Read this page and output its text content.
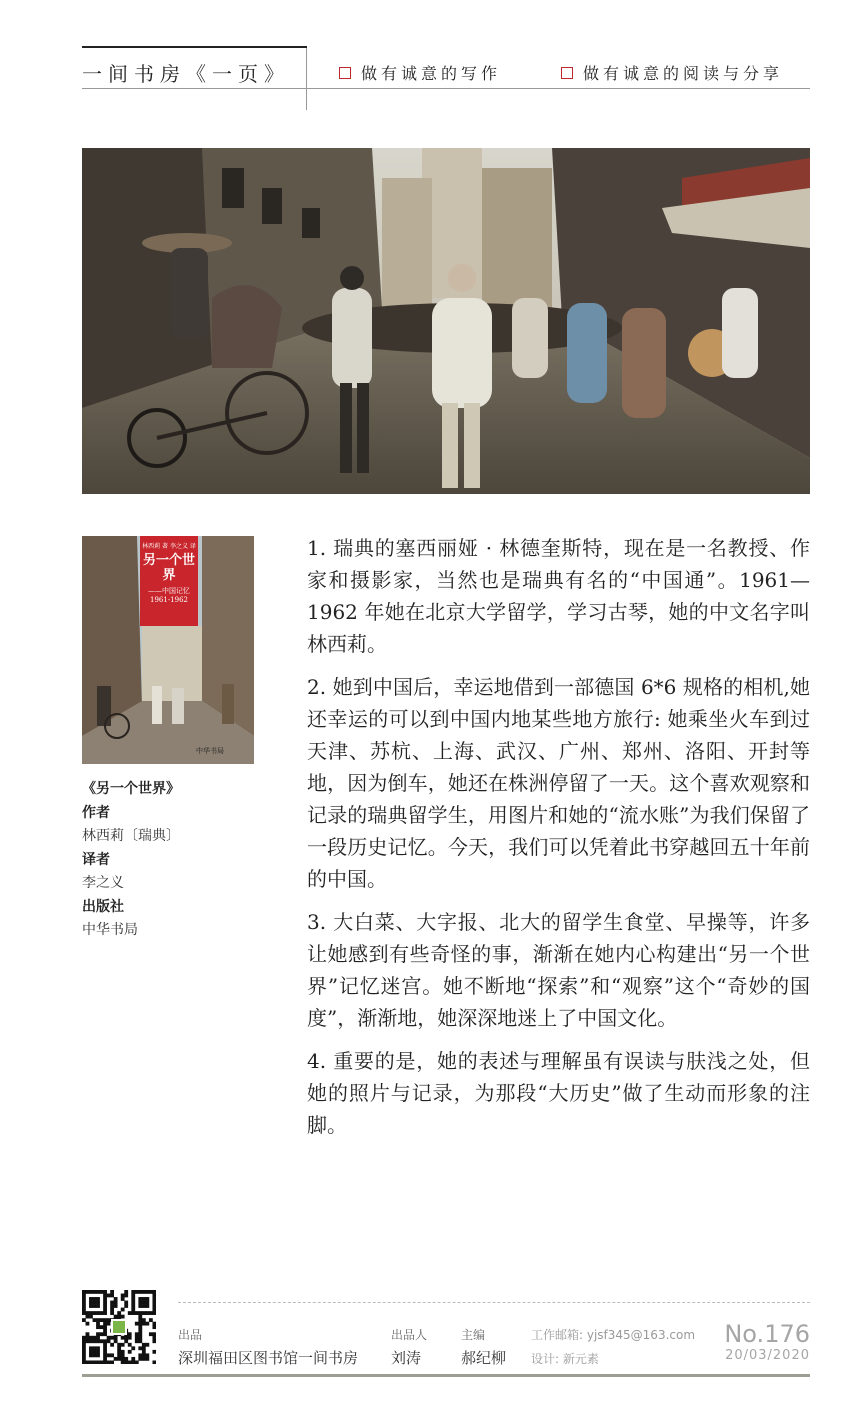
一间书房《一页》	做有诚意的写作	做有诚意的阅读与分享
林西莉 著 李之义 译
另一个世界
——中国记忆
1961-1962
中华书局
《另一个世界》
作者
林西莉〔瑞典〕
译者
李之义
出版社
中华书局

1. 瑞典的塞西丽娅 · 林德奎斯特，现在是一名教授、作家和摄影家，当然也是瑞典有名的“中国通”。1961—1962 年她在北京大学留学，学习古琴，她的中文名字叫林西莉。

2. 她到中国后，幸运地借到一部德国 6*6 规格的相机,她还幸运的可以到中国内地某些地方旅行: 她乘坐火车到过天津、苏杭、上海、武汉、广州、郑州、洛阳、开封等地，因为倒车，她还在株洲停留了一天。这个喜欢观察和记录的瑞典留学生，用图片和她的“流水账”为我们保留了一段历史记忆。今天，我们可以凭着此书穿越回五十年前的中国。

3. 大白菜、大字报、北大的留学生食堂、早操等，许多让她感到有些奇怪的事，渐渐在她内心构建出“另一个世界”记忆迷宫。她不断地“探索”和“观察”这个“奇妙的国度”，渐渐地，她深深地迷上了中国文化。

4. 重要的是，她的表述与理解虽有误读与肤浅之处，但她的照片与记录，为那段“大历史”做了生动而形象的注脚。

出品
深圳福田区图书馆一间书房
出品人
刘涛
主编
郝纪柳
工作邮箱: yjsf345@163.com
设计: 新元素
No.176
20/03/2020
